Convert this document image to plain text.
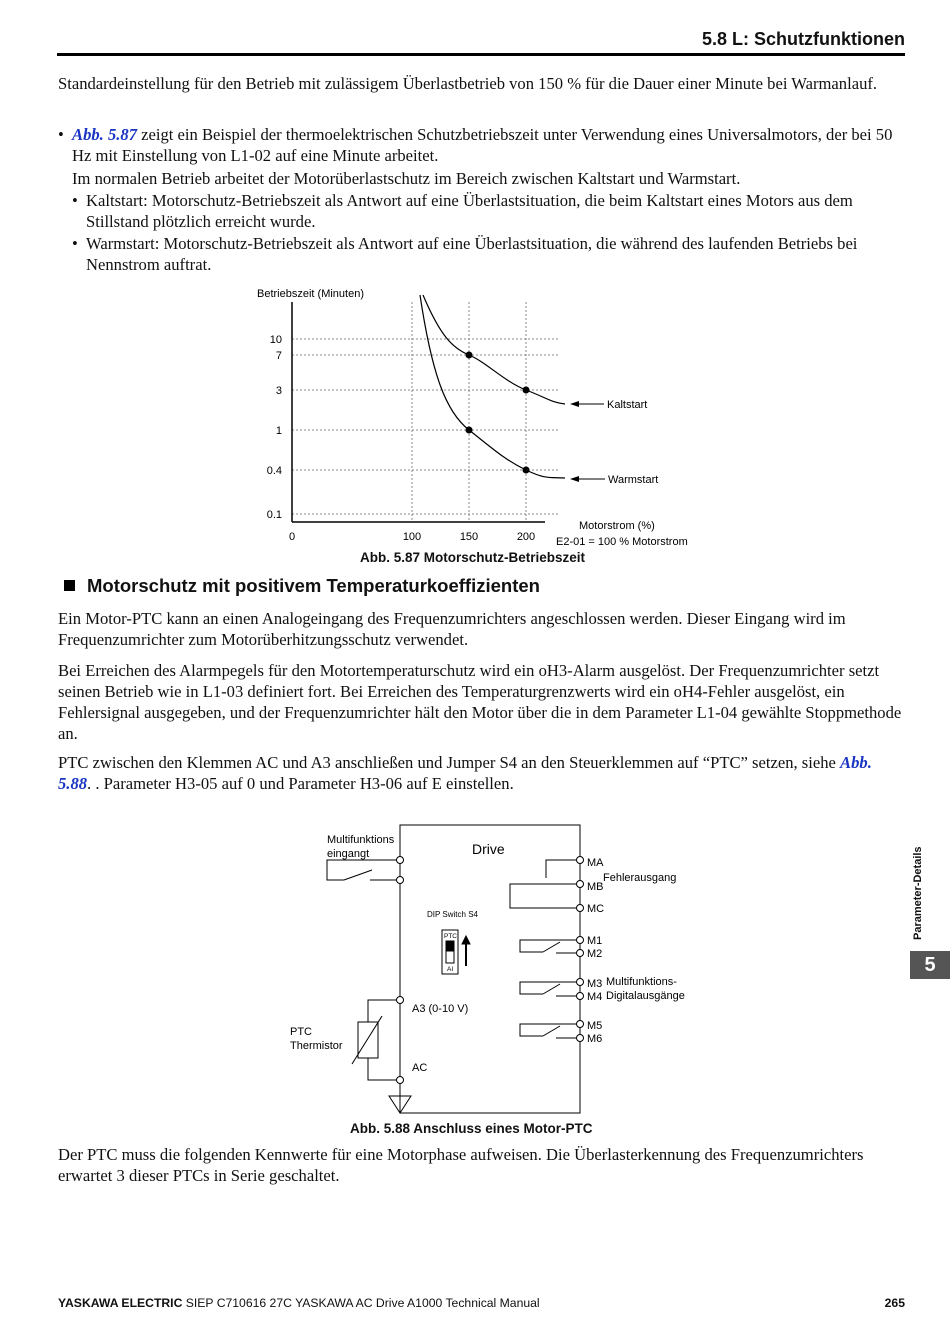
5.8 L: Schutzfunktionen

Standardeinstellung für den Betrieb mit zulässigem Überlastbetrieb von 150 % für die Dauer einer Minute bei Warmanlauf.

• Abb. 5.87 zeigt ein Beispiel der thermoelektrischen Schutzbetriebszeit unter Verwendung eines Universalmotors, der bei 50 Hz mit Einstellung von L1-02 auf eine Minute arbeitet.

Im normalen Betrieb arbeitet der Motorüberlastschutz im Bereich zwischen Kaltstart und Warmstart.

• Kaltstart: Motorschutz-Betriebszeit als Antwort auf eine Überlastsituation, die beim Kaltstart eines Motors aus dem Stillstand plötzlich erreicht wurde.

• Warmstart: Motorschutz-Betriebszeit als Antwort auf eine Überlastsituation, die während des laufenden Betriebs bei Nennstrom auftrat.

Betriebszeit (Minuten)
10
7
3
1
0.4
0.1
0	100	150	200
Kaltstart
Warmstart
Motorstrom (%)
E2-01 = 100 % Motorstrom
Abb. 5.87 Motorschutz-Betriebszeit
Motorschutz mit positivem Temperaturkoeffizienten

Ein Motor-PTC kann an einen Analogeingang des Frequenzumrichters angeschlossen werden. Dieser Eingang wird im Frequenzumrichter zum Motorüberhitzungsschutz verwendet.

Bei Erreichen des Alarmpegels für den Motortemperaturschutz wird ein oH3-Alarm ausgelöst. Der Frequenzumrichter setzt seinen Betrieb wie in L1-03 definiert fort. Bei Erreichen des Temperaturgrenzwerts wird ein oH4-Fehler ausgelöst, ein Fehlersignal ausgegeben, und der Frequenzumrichter hält den Motor über die in dem Parameter L1-04 gewählte Stoppmethode an.

PTC zwischen den Klemmen AC und A3 anschließen und Jumper S4 an den Steuerklemmen auf “PTC” setzen, siehe Abb. 5.88. . Parameter H3-05 auf 0 und Parameter H3-06 auf E einstellen.

Drive
Multifunktions
eingangt
DIP Switch S4
PTC
AI
A3 (0-10 V)
AC
PTC
Thermistor
MA
MB
MC
Fehlerausgang
M1
M2
M3
M4
M5
M6
Multifunktions-
Digitalausgänge
Abb. 5.88 Anschluss eines Motor-PTC

Der PTC muss die folgenden Kennwerte für eine Motorphase aufweisen. Die Überlasterkennung des Frequenzumrichters erwartet 3 dieser PTCs in Serie geschaltet.

Parameter-Details
5
YASKAWA ELECTRIC SIEP C710616 27C YASKAWA AC Drive A1000 Technical Manual	265
